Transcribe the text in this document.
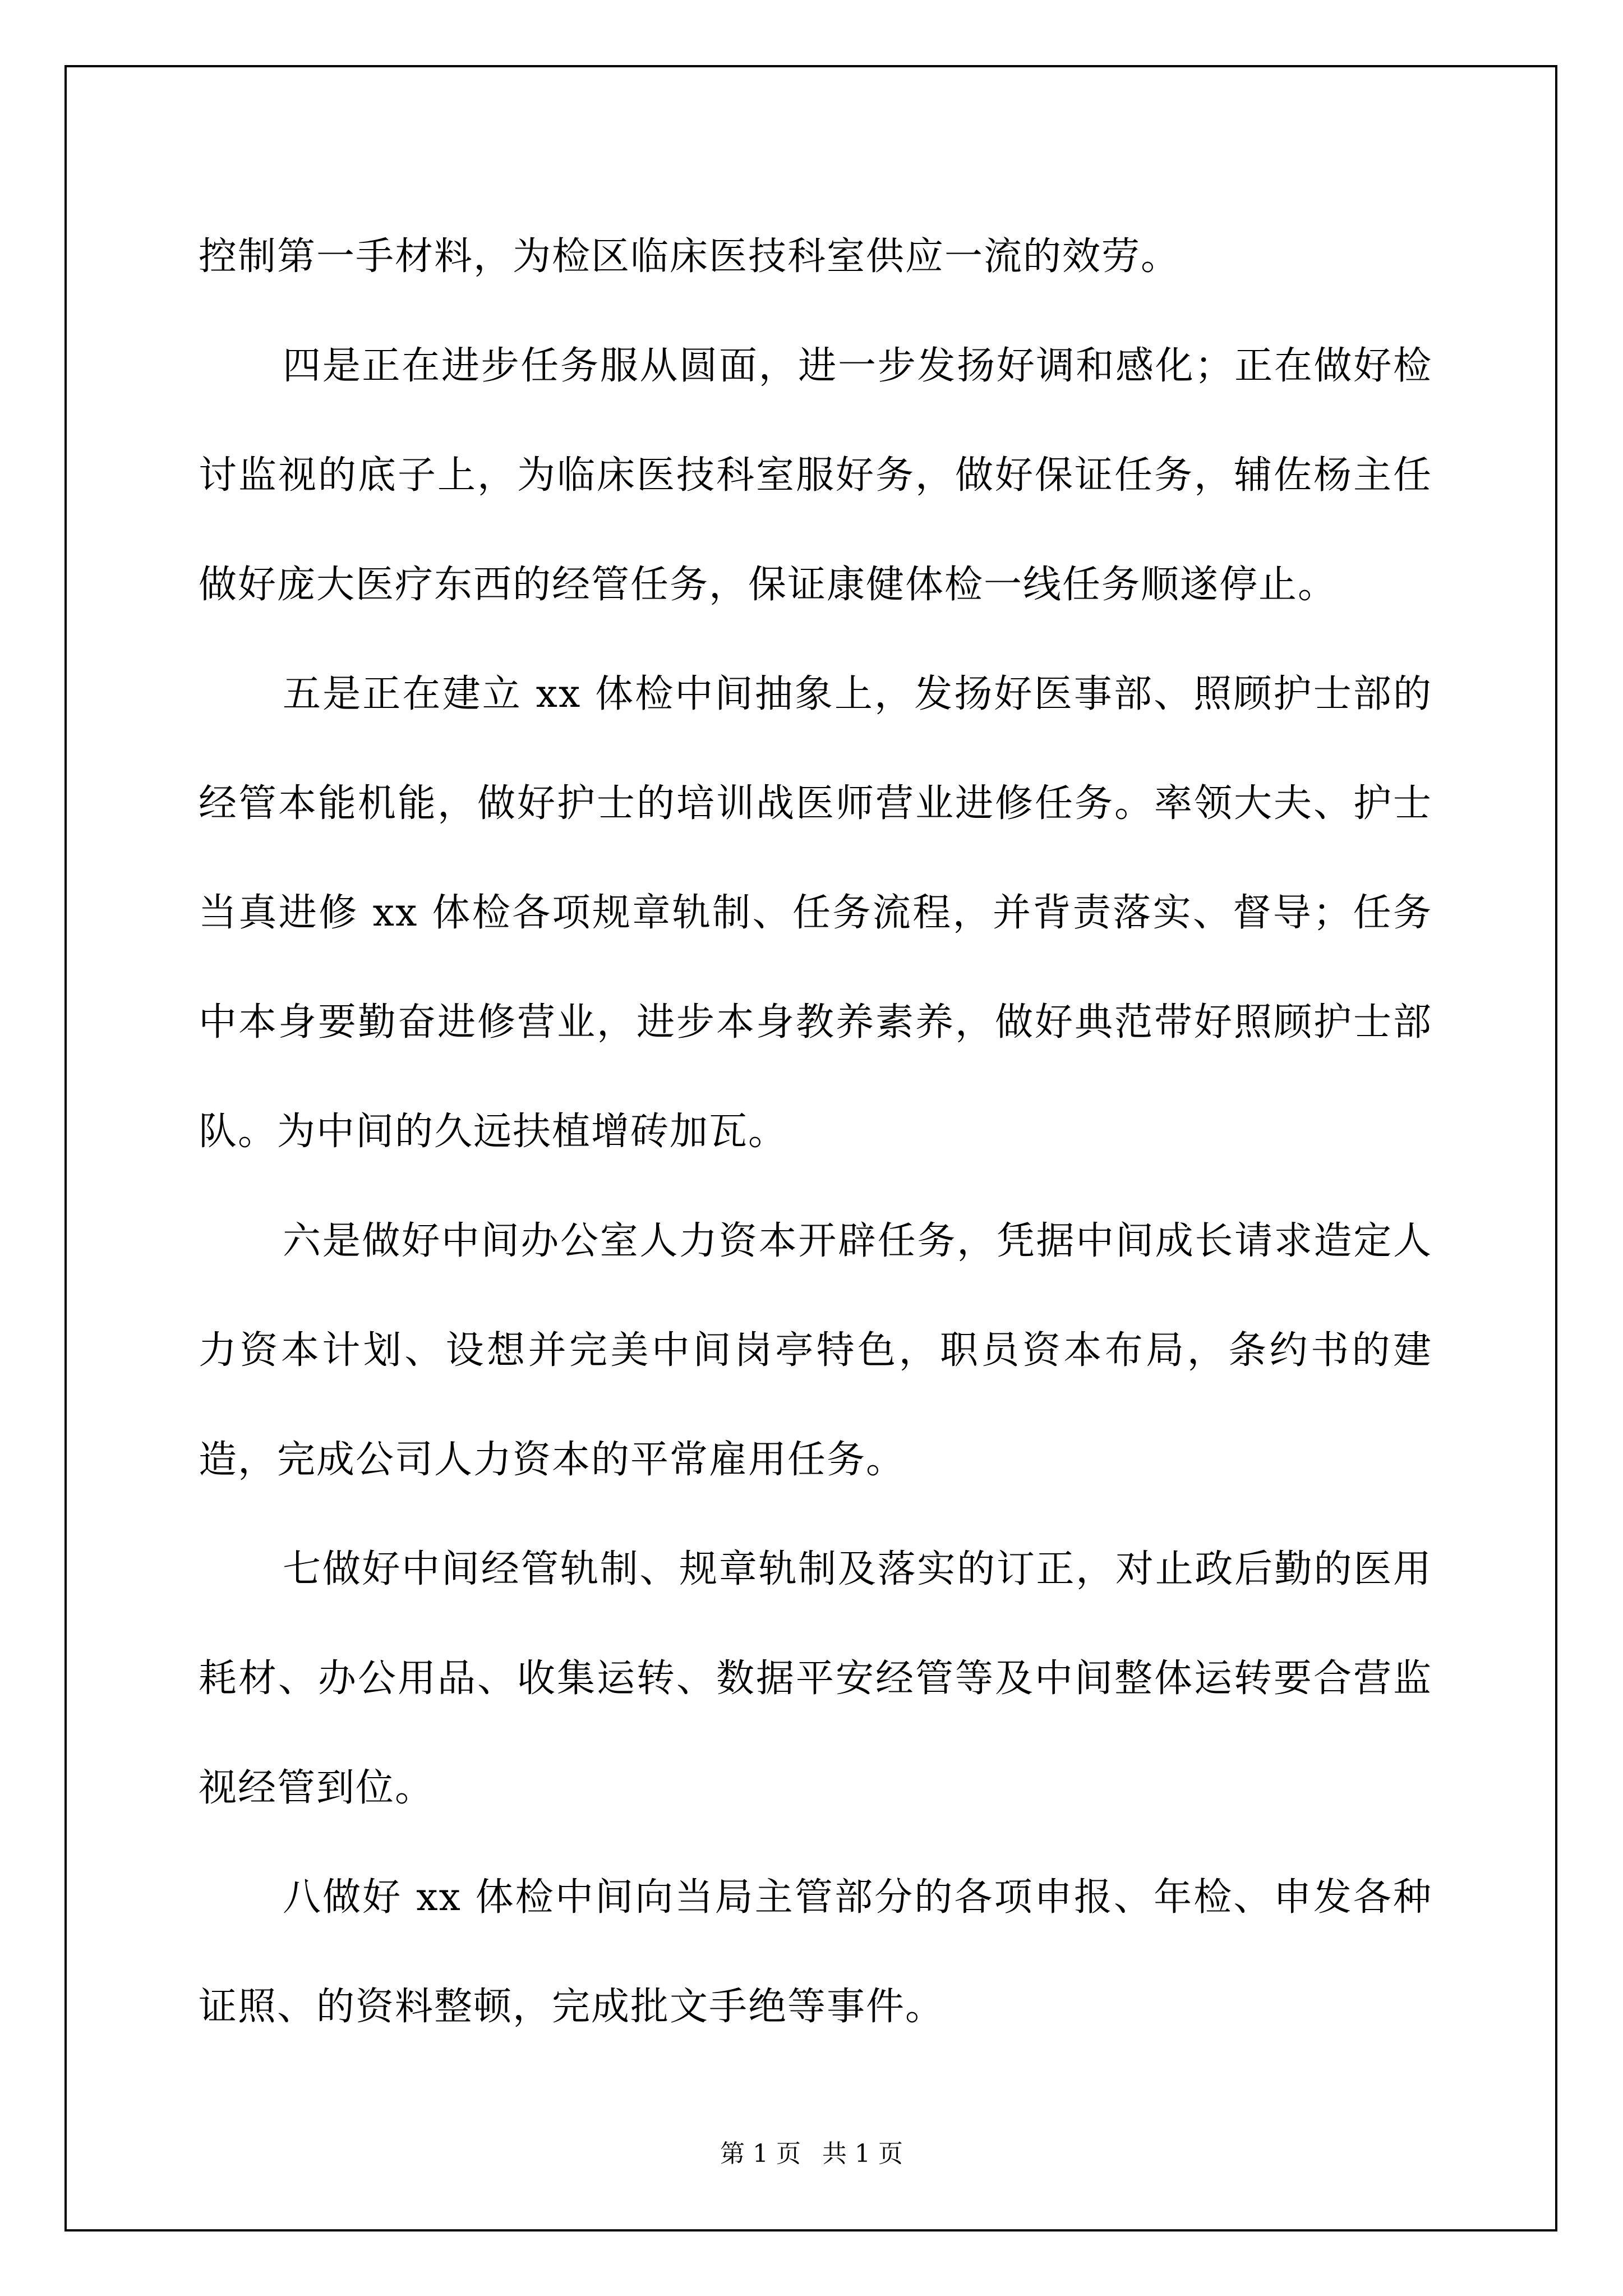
控制第一手材料，为检区临床医技科室供应一流的效劳。

四是正在进步任务服从圆面，进一步发扬好调和感化；正在做好检讨监视的底子上，为临床医技科室服好务，做好保证任务，辅佐杨主任做好庞大医疗东西的经管任务，保证康健体检一线任务顺遂停止。

五是正在建立 xx 体检中间抽象上，发扬好医事部、照顾护士部的经管本能机能，做好护士的培训战医师营业进修任务。率领大夫、护士当真进修 xx 体检各项规章轨制、任务流程，并背责落实、督导；任务中本身要勤奋进修营业，进步本身教养素养，做好典范带好照顾护士部队。为中间的久远扶植增砖加瓦。

六是做好中间办公室人力资本开辟任务，凭据中间成长请求造定人力资本计划、设想并完美中间岗亭特色，职员资本布局，条约书的建造，完成公司人力资本的平常雇用任务。

七做好中间经管轨制、规章轨制及落实的订正，对止政后勤的医用耗材、办公用品、收集运转、数据平安经管等及中间整体运转要合营监视经管到位。

八做好 xx 体检中间向当局主管部分的各项申报、年检、申发各种证照、的资料整顿，完成批文手绝等事件。

第 1 页 共 1 页
